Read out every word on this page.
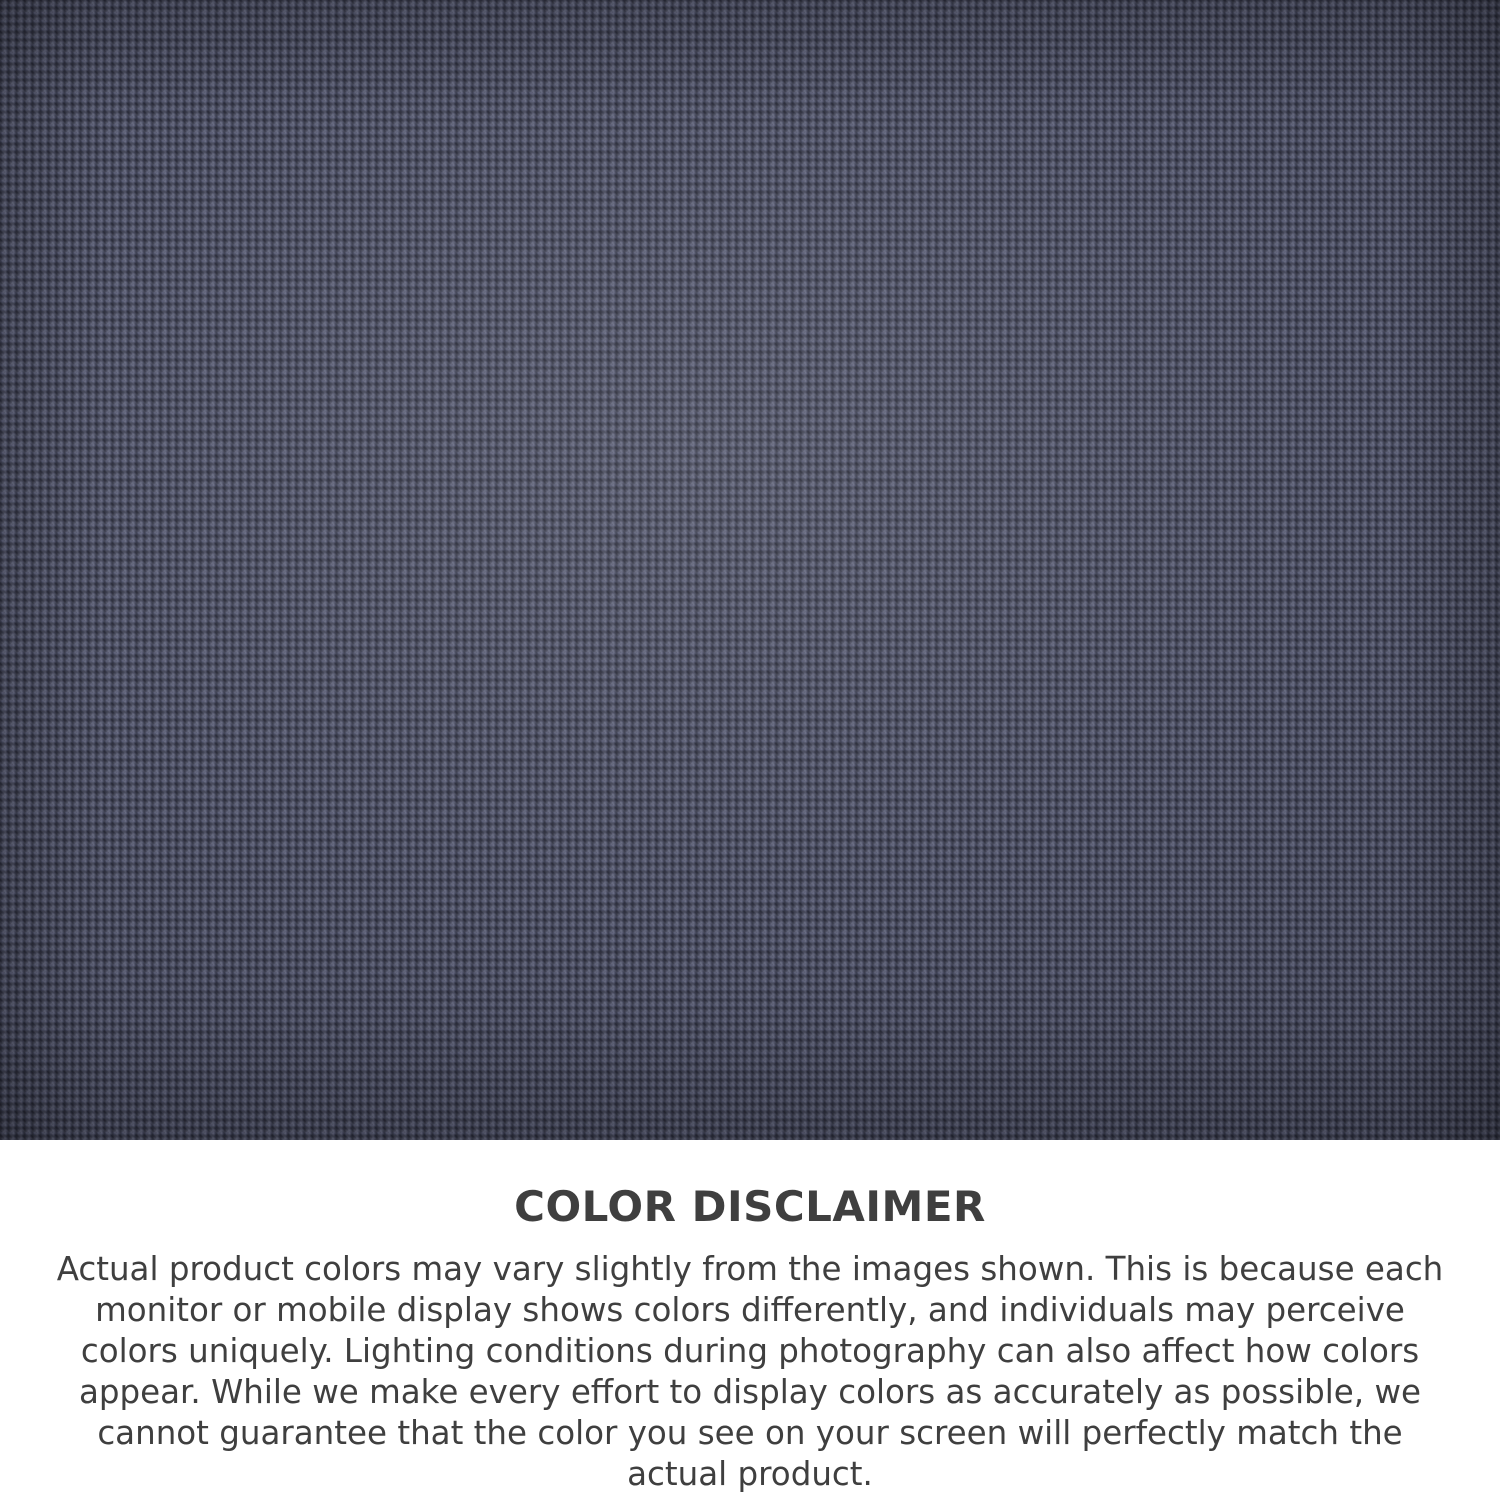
COLOR DISCLAIMER
Actual product colors may vary slightly from the images shown. This is because each monitor or mobile display shows colors differently, and individuals may perceive colors uniquely. Lighting conditions during photography can also affect how colors appear. While we make every effort to display colors as accurately as possible, we cannot guarantee that the color you see on your screen will perfectly match the actual product.
